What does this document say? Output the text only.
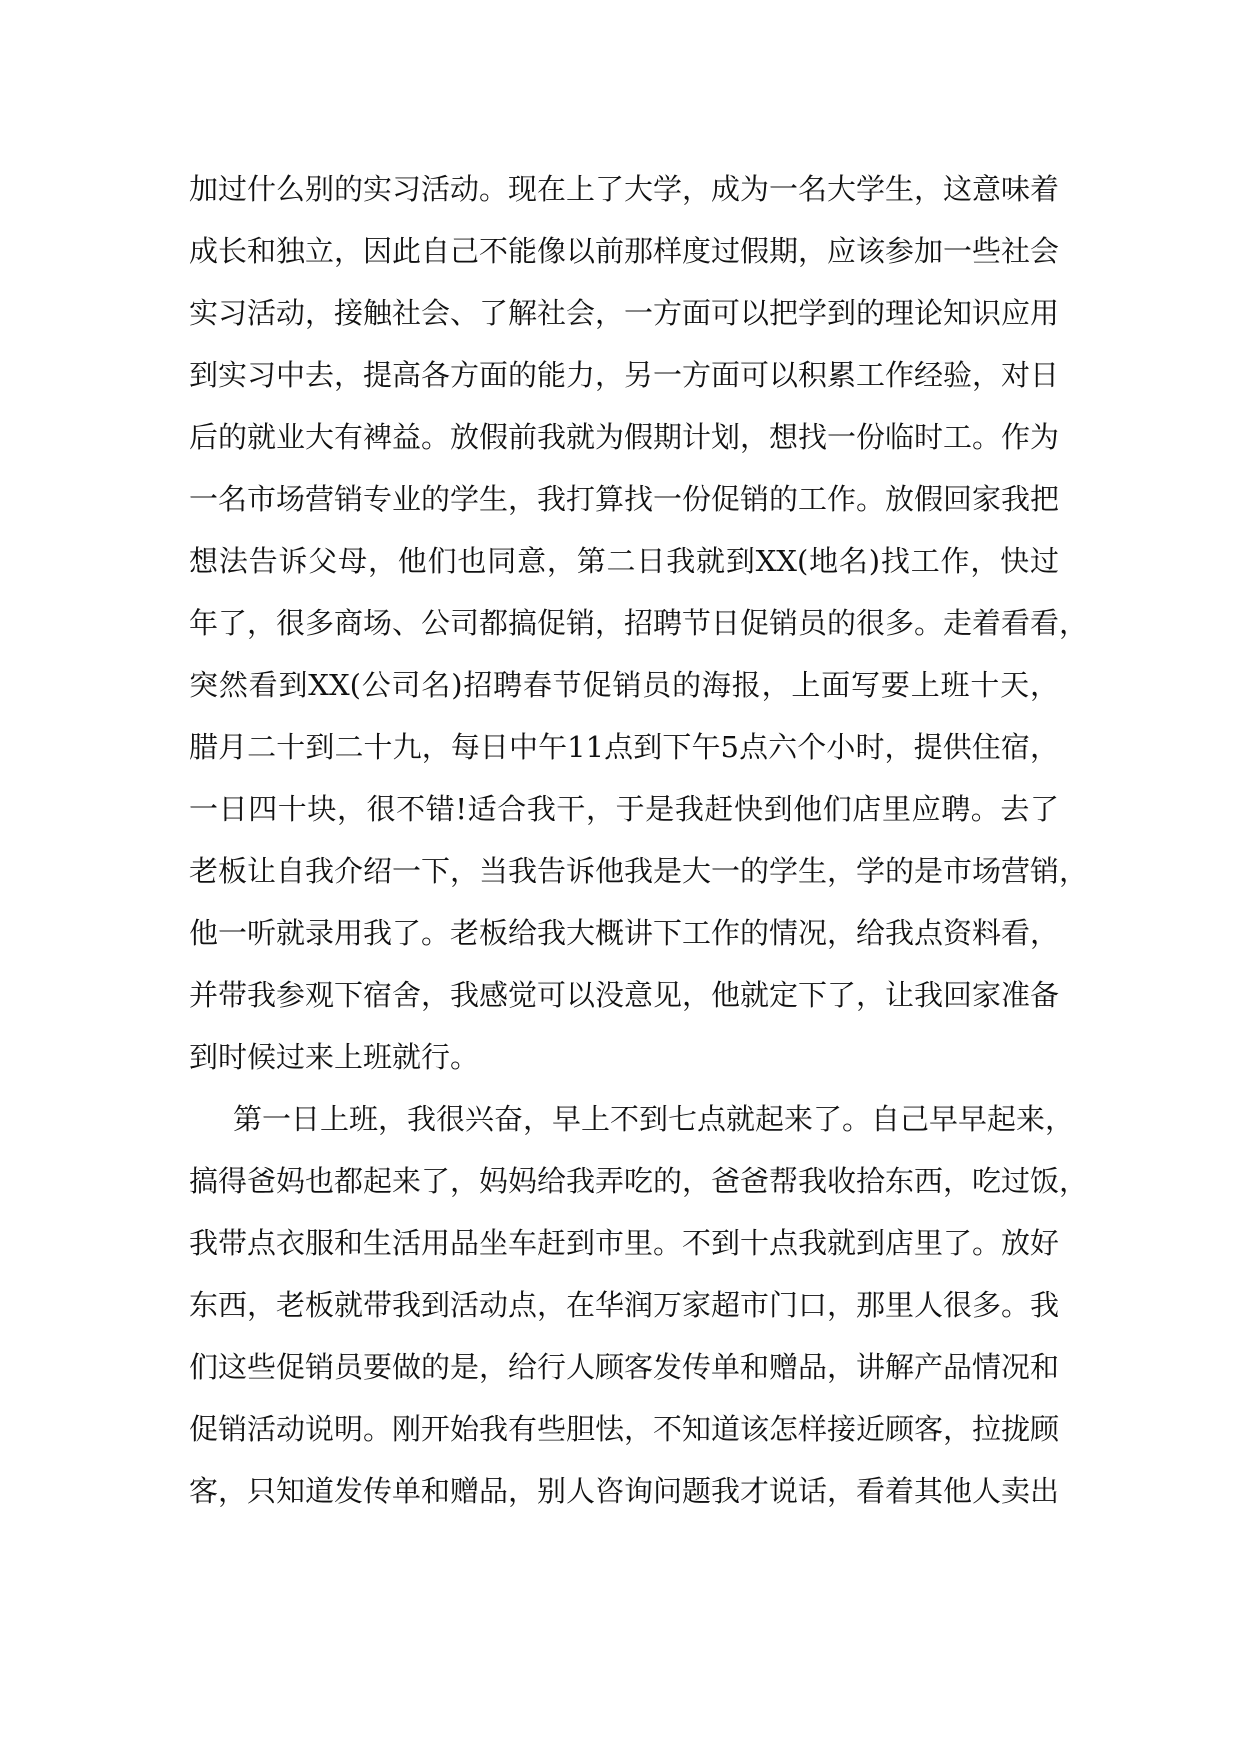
加过什么别的实习活动。现在上了大学，成为一名大学生，这意味着
成长和独立，因此自己不能像以前那样度过假期，应该参加一些社会
实习活动，接触社会、了解社会，一方面可以把学到的理论知识应用
到实习中去，提高各方面的能力，另一方面可以积累工作经验，对日
后的就业大有裨益。放假前我就为假期计划，想找一份临时工。作为
一名市场营销专业的学生，我打算找一份促销的工作。放假回家我把
想法告诉父母，他们也同意，第二日我就到XX(地名)找工作，快过
年了，很多商场、公司都搞促销，招聘节日促销员的很多。走着看看，
突然看到XX(公司名)招聘春节促销员的海报，上面写要上班十天，
腊月二十到二十九，每日中午11点到下午5点六个小时，提供住宿，
一日四十块，很不错!适合我干，于是我赶快到他们店里应聘。去了
老板让自我介绍一下，当我告诉他我是大一的学生，学的是市场营销，
他一听就录用我了。老板给我大概讲下工作的情况，给我点资料看，
并带我参观下宿舍，我感觉可以没意见，他就定下了，让我回家准备
到时候过来上班就行。
第一日上班，我很兴奋，早上不到七点就起来了。自己早早起来，
搞得爸妈也都起来了，妈妈给我弄吃的，爸爸帮我收拾东西，吃过饭，
我带点衣服和生活用品坐车赶到市里。不到十点我就到店里了。放好
东西，老板就带我到活动点，在华润万家超市门口，那里人很多。我
们这些促销员要做的是，给行人顾客发传单和赠品，讲解产品情况和
促销活动说明。刚开始我有些胆怯，不知道该怎样接近顾客，拉拢顾
客，只知道发传单和赠品，别人咨询问题我才说话，看着其他人卖出
